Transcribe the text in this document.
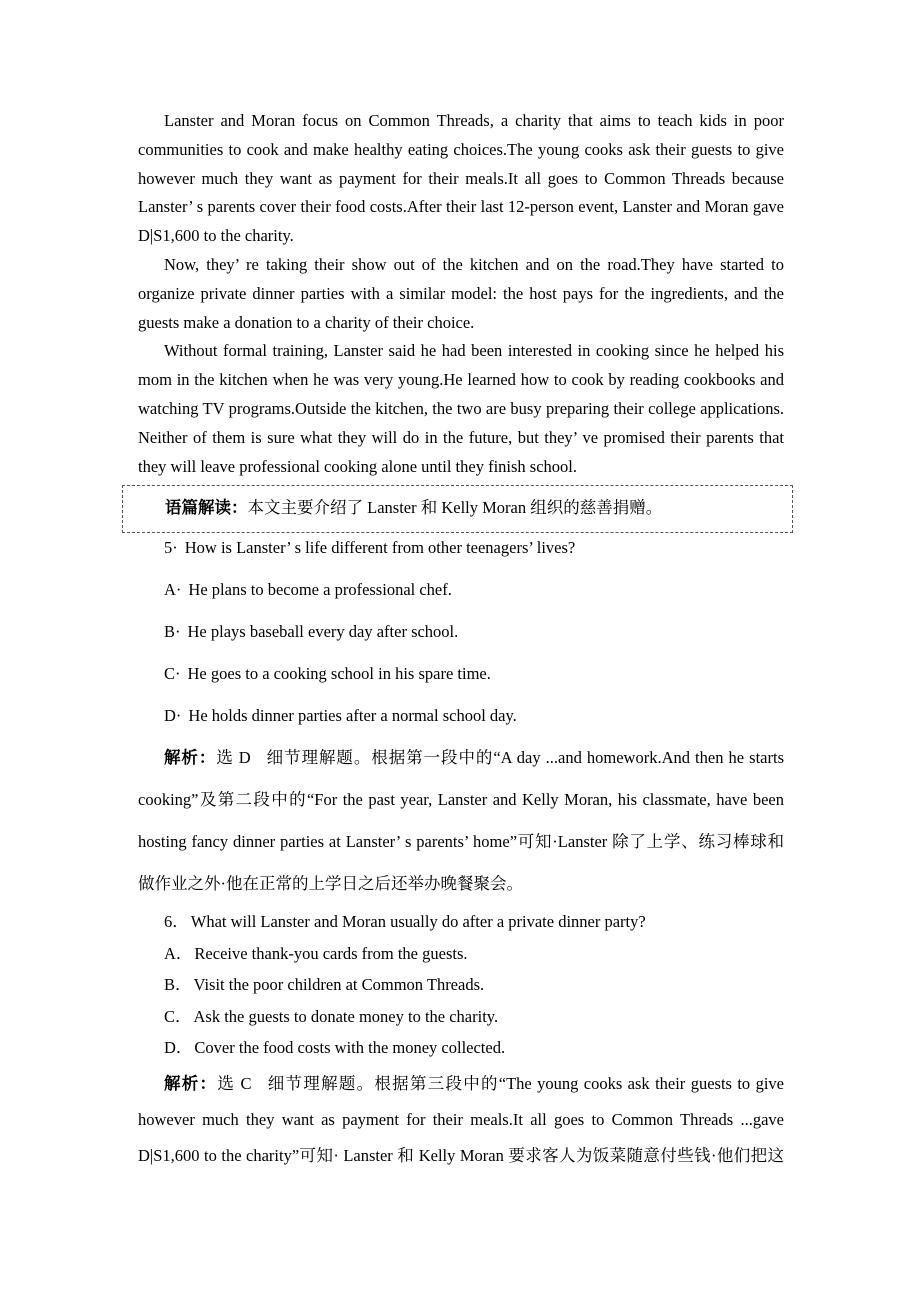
Lanster and Moran focus on Common Threads, a charity that aims to teach kids in poor communities to cook and make healthy eating choices.The young cooks ask their guests to give however much they want as payment for their meals.It all goes to Common Threads because Lanster’ s parents cover their food costs.After their last 12-person event, Lanster and Moran gave D|S1,600 to the charity.

Now, they’ re taking their show out of the kitchen and on the road.They have started to organize private dinner parties with a similar model: the host pays for the ingredients, and the guests make a donation to a charity of their choice.

Without formal training, Lanster said he had been interested in cooking since he helped his mom in the kitchen when he was very young.He learned how to cook by reading cookbooks and watching TV programs.Outside the kitchen, the two are busy preparing their college applications. Neither of them is sure what they will do in the future, but they’ ve promised their parents that they will leave professional cooking alone until they finish school.

语篇解读：本文主要介绍了 Lanster 和 Kelly Moran 组织的慈善捐赠。
5· How is Lanster’ s life different from other teenagers’ lives?
A· He plans to become a professional chef.
B· He plays baseball every day after school.
C· He goes to a cooking school in his spare time.
D· He holds dinner parties after a normal school day.

解析：选 D 细节理解题。根据第一段中的“A day ...and homework.And then he starts cooking”及第二段中的“For the past year, Lanster and Kelly Moran, his classmate, have been hosting fancy dinner parties at Lanster’ s parents’ home”可知·Lanster 除了上学、练习棒球和做作业之外·他在正常的上学日之后还举办晚餐聚会。

6． What will Lanster and Moran usually do after a private dinner party?
A． Receive thank-you cards from the guests.
B． Visit the poor children at Common Threads.
C． Ask the guests to donate money to the charity.
D． Cover the food costs with the money collected.

解析：选 C 细节理解题。根据第三段中的“The young cooks ask their guests to give however much they want as payment for their meals.It all goes to Common Threads ...gave D|S1,600 to the charity”可知· Lanster 和 Kelly Moran 要求客人为饭菜随意付些钱·他们把这
